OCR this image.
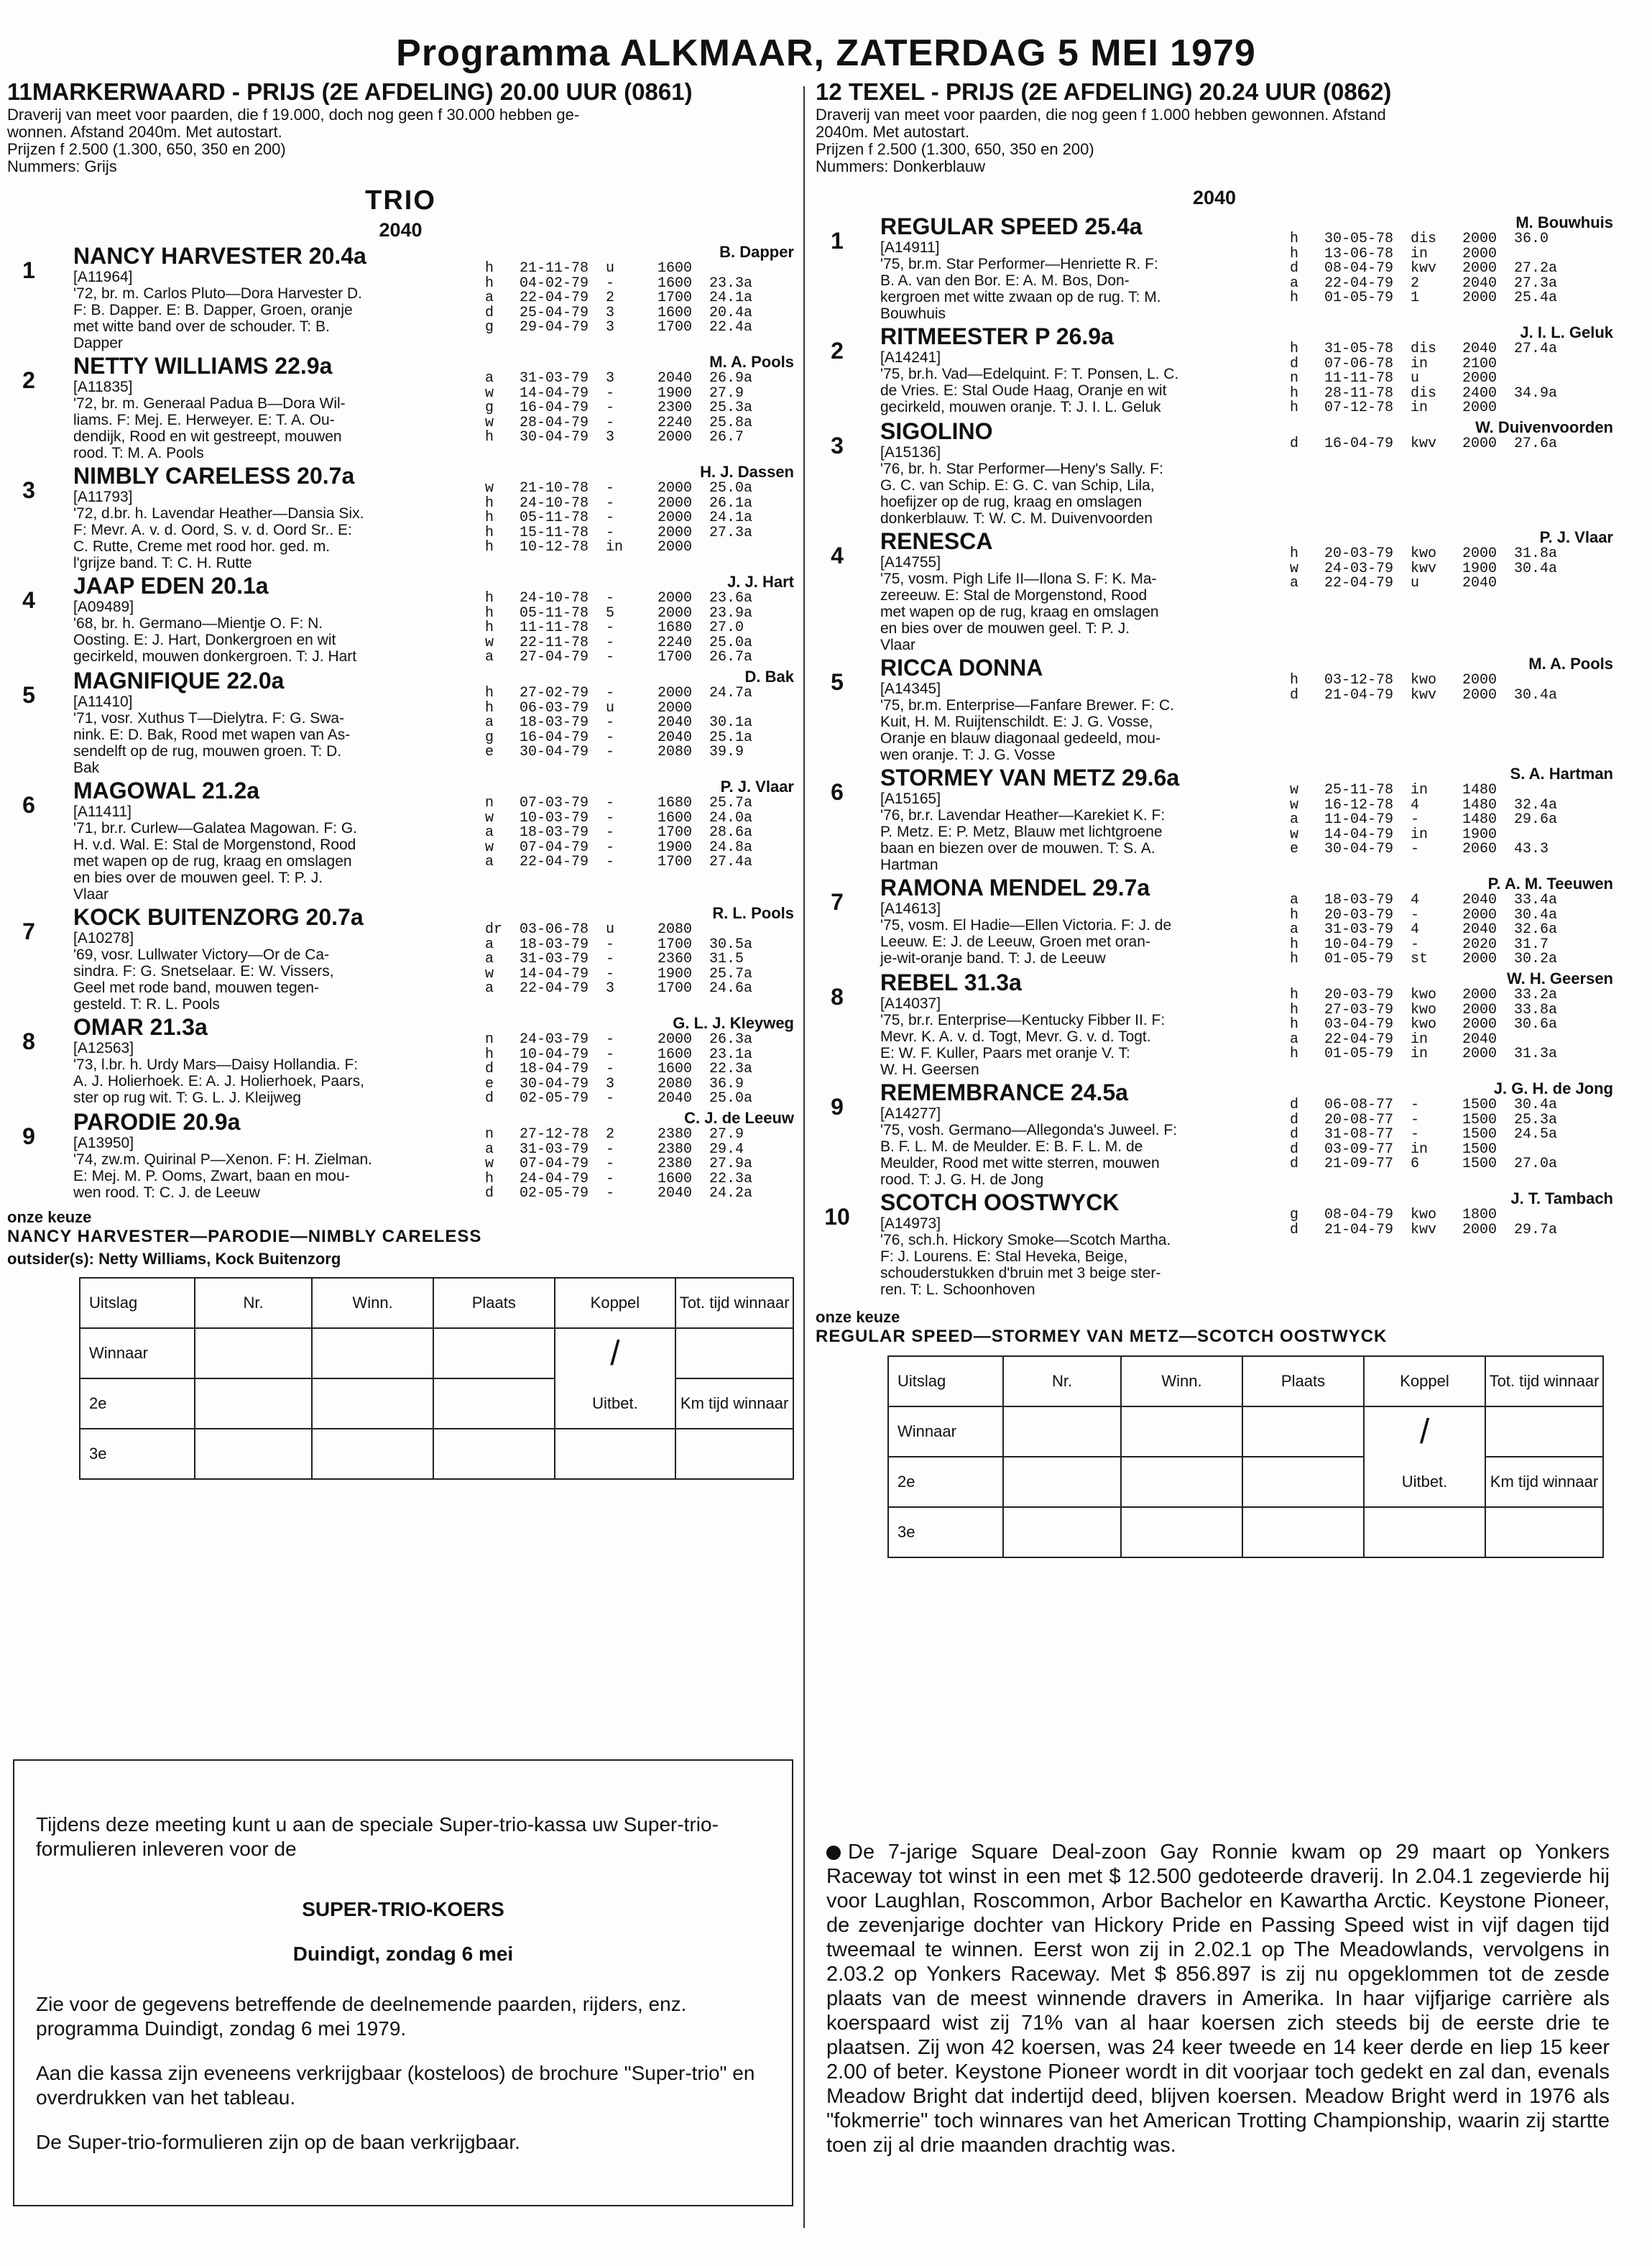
Programma ALKMAAR, ZATERDAG 5 MEI 1979
11MARKERWAARD - PRIJS (2E AFDELING) 20.00 UUR (0861)
Draverij van meet voor paarden, die f 19.000, doch nog geen f 30.000 hebben ge-
wonnen. Afstand 2040m. Met autostart.
Prijzen f 2.500 (1.300, 650, 350 en 200)
Nummers: Grijs
TRIO
2040
1
NANCY HARVESTER 20.4a
[A11964]
'72, br. m. Carlos Pluto—Dora Harvester D.
F: B. Dapper. E: B. Dapper, Groen, oranje
met witte band over de schouder. T: B.
Dapper
B. Dapper
h   21-11-78  u     1600
h   04-02-79  -     1600  23.3a
a   22-04-79  2     1700  24.1a
d   25-04-79  3     1600  20.4a
g   29-04-79  3     1700  22.4a
2
NETTY WILLIAMS 22.9a
[A11835]
'72, br. m. Generaal Padua B—Dora Wil-
liams. F: Mej. E. Herweyer. E: T. A. Ou-
dendijk, Rood en wit gestreept, mouwen
rood. T: M. A. Pools
M. A. Pools
a   31-03-79  3     2040  26.9a
w   14-04-79  -     1900  27.9
g   16-04-79  -     2300  25.3a
w   28-04-79  -     2240  25.8a
h   30-04-79  3     2000  26.7
3
NIMBLY CARELESS 20.7a
[A11793]
'72, d.br. h. Lavendar Heather—Dansia Six.
F: Mevr. A. v. d. Oord, S. v. d. Oord Sr.. E:
C. Rutte, Creme met rood hor. ged. m.
l'grijze band. T: C. H. Rutte
H. J. Dassen
w   21-10-78  -     2000  25.0a
h   24-10-78  -     2000  26.1a
h   05-11-78  -     2000  24.1a
h   15-11-78  -     2000  27.3a
h   10-12-78  in    2000
4
JAAP EDEN 20.1a
[A09489]
'68, br. h. Germano—Mientje O. F: N.
Oosting. E: J. Hart, Donkergroen en wit
gecirkeld, mouwen donkergroen. T: J. Hart
J. J. Hart
h   24-10-78  -     2000  23.6a
h   05-11-78  5     2000  23.9a
h   11-11-78  -     1680  27.0
w   22-11-78  -     2240  25.0a
a   27-04-79  -     1700  26.7a
5
MAGNIFIQUE 22.0a
[A11410]
'71, vosr. Xuthus T—Dielytra. F: G. Swa-
nink. E: D. Bak, Rood met wapen van As-
sendelft op de rug, mouwen groen. T: D.
Bak
D. Bak
h   27-02-79  -     2000  24.7a
h   06-03-79  u     2000
a   18-03-79  -     2040  30.1a
g   16-04-79  -     2040  25.1a
e   30-04-79  -     2080  39.9
6
MAGOWAL 21.2a
[A11411]
'71, br.r. Curlew—Galatea Magowan. F: G.
H. v.d. Wal. E: Stal de Morgenstond, Rood
met wapen op de rug, kraag en omslagen
en bies over de mouwen geel. T: P. J.
Vlaar
P. J. Vlaar
n   07-03-79  -     1680  25.7a
w   10-03-79  -     1600  24.0a
a   18-03-79  -     1700  28.6a
w   07-04-79  -     1900  24.8a
a   22-04-79  -     1700  27.4a
7
KOCK BUITENZORG 20.7a
[A10278]
'69, vosr. Lullwater Victory—Or de Ca-
sindra. F: G. Snetselaar. E: W. Vissers,
Geel met rode band, mouwen tegen-
gesteld. T: R. L. Pools
R. L. Pools
dr  03-06-78  u     2080
a   18-03-79  -     1700  30.5a
a   31-03-79  -     2360  31.5
w   14-04-79  -     1900  25.7a
a   22-04-79  3     1700  24.6a
8
OMAR 21.3a
[A12563]
'73, l.br. h. Urdy Mars—Daisy Hollandia. F:
A. J. Holierhoek. E: A. J. Holierhoek, Paars,
ster op rug wit. T: G. L. J. Kleijweg
G. L. J. Kleyweg
n   24-03-79  -     2000  26.3a
h   10-04-79  -     1600  23.1a
d   18-04-79  -     1600  22.3a
e   30-04-79  3     2080  36.9
d   02-05-79  -     2040  25.0a
9
PARODIE 20.9a
[A13950]
'74, zw.m. Quirinal P—Xenon. F: H. Zielman.
E: Mej. M. P. Ooms, Zwart, baan en mou-
wen rood. T: C. J. de Leeuw
C. J. de Leeuw
n   27-12-78  2     2380  27.9
a   31-03-79  -     2380  29.4
w   07-04-79  -     2380  27.9a
h   24-04-79  -     1600  22.3a
d   02-05-79  -     2040  24.2a
onze keuze
NANCY HARVESTER—PARODIE—NIMBLY CARELESS
outsider(s): Netty Williams, Kock Buitenzorg
Uitslag	Nr.	Winn.	Plaats	Koppel	Tot. tijd winnaar
Winnaar				/	
2e				Uitbet.	Km tijd winnaar
3e					
12 TEXEL - PRIJS (2E AFDELING) 20.24 UUR (0862)
Draverij van meet voor paarden, die nog geen f 1.000 hebben gewonnen. Afstand
2040m. Met autostart.
Prijzen f 2.500 (1.300, 650, 350 en 200)
Nummers: Donkerblauw
2040
1
REGULAR SPEED 25.4a
[A14911]
'75, br.m. Star Performer—Henriette R. F:
B. A. van den Bor. E: A. M. Bos, Don-
kergroen met witte zwaan op de rug. T: M.
Bouwhuis
M. Bouwhuis
h   30-05-78  dis   2000  36.0
h   13-06-78  in    2000
d   08-04-79  kwv   2000  27.2a
a   22-04-79  2     2040  27.3a
h   01-05-79  1     2000  25.4a
2
RITMEESTER P 26.9a
[A14241]
'75, br.h. Vad—Edelquint. F: T. Ponsen, L. C.
de Vries. E: Stal Oude Haag, Oranje en wit
gecirkeld, mouwen oranje. T: J. I. L. Geluk
J. I. L. Geluk
h   31-05-78  dis   2040  27.4a
d   07-06-78  in    2100
n   11-11-78  u     2000
h   28-11-78  dis   2400  34.9a
h   07-12-78  in    2000
3
SIGOLINO
[A15136]
'76, br. h. Star Performer—Heny's Sally. F:
G. C. van Schip. E: G. C. van Schip, Lila,
hoefijzer op de rug, kraag en omslagen
donkerblauw. T: W. C. M. Duivenvoorden
W. Duivenvoorden
d   16-04-79  kwv   2000  27.6a
4
RENESCA
[A14755]
'75, vosm. Pigh Life II—Ilona S. F: K. Ma-
zereeuw. E: Stal de Morgenstond, Rood
met wapen op de rug, kraag en omslagen
en bies over de mouwen geel. T: P. J.
Vlaar
P. J. Vlaar
h   20-03-79  kwo   2000  31.8a
w   24-03-79  kwv   1900  30.4a
a   22-04-79  u     2040
5
RICCA DONNA
[A14345]
'75, br.m. Enterprise—Fanfare Brewer. F: C.
Kuit, H. M. Ruijtenschildt. E: J. G. Vosse,
Oranje en blauw diagonaal gedeeld, mou-
wen oranje. T: J. G. Vosse
M. A. Pools
h   03-12-78  kwo   2000
d   21-04-79  kwv   2000  30.4a
6
STORMEY VAN METZ 29.6a
[A15165]
'76, br.r. Lavendar Heather—Karekiet K. F:
P. Metz. E: P. Metz, Blauw met lichtgroene
baan en biezen over de mouwen. T: S. A.
Hartman
S. A. Hartman
w   25-11-78  in    1480
w   16-12-78  4     1480  32.4a
a   11-04-79  -     1480  29.6a
w   14-04-79  in    1900
e   30-04-79  -     2060  43.3
7
RAMONA MENDEL 29.7a
[A14613]
'75, vosm. El Hadie—Ellen Victoria. F: J. de
Leeuw. E: J. de Leeuw, Groen met oran-
je-wit-oranje band. T: J. de Leeuw
P. A. M. Teeuwen
a   18-03-79  4     2040  33.4a
h   20-03-79  -     2000  30.4a
a   31-03-79  4     2040  32.6a
h   10-04-79  -     2020  31.7
h   01-05-79  st    2000  30.2a
8
REBEL 31.3a
[A14037]
'75, br.r. Enterprise—Kentucky Fibber II. F:
Mevr. K. A. v. d. Togt, Mevr. G. v. d. Togt.
E: W. F. Kuller, Paars met oranje V. T:
W. H. Geersen
W. H. Geersen
h   20-03-79  kwo   2000  33.2a
h   27-03-79  kwo   2000  33.8a
h   03-04-79  kwo   2000  30.6a
a   22-04-79  in    2040
h   01-05-79  in    2000  31.3a
9
REMEMBRANCE 24.5a
[A14277]
'75, vosh. Germano—Allegonda's Juweel. F:
B. F. L. M. de Meulder. E: B. F. L. M. de
Meulder, Rood met witte sterren, mouwen
rood. T: J. G. H. de Jong
J. G. H. de Jong
d   06-08-77  -     1500  30.4a
d   20-08-77  -     1500  25.3a
d   31-08-77  -     1500  24.5a
d   03-09-77  in    1500
d   21-09-77  6     1500  27.0a
10
SCOTCH OOSTWYCK
[A14973]
'76, sch.h. Hickory Smoke—Scotch Martha.
F: J. Lourens. E: Stal Heveka, Beige,
schouderstukken d'bruin met 3 beige ster-
ren. T: L. Schoonhoven
J. T. Tambach
g   08-04-79  kwo   1800
d   21-04-79  kwv   2000  29.7a
onze keuze
REGULAR SPEED—STORMEY VAN METZ—SCOTCH OOSTWYCK
Uitslag	Nr.	Winn.	Plaats	Koppel	Tot. tijd winnaar
Winnaar				/	
2e				Uitbet.	Km tijd winnaar
3e					

Tijdens deze meeting kunt u aan de speciale Super-trio-kassa uw Super-trio-formulieren inleveren voor de

SUPER-TRIO-KOERS

Duindigt, zondag 6 mei

Zie voor de gegevens betreffende de deelnemende paarden, rijders, enz. programma Duindigt, zondag 6 mei 1979.

Aan die kassa zijn eveneens verkrijgbaar (kosteloos) de brochure "Super-trio" en overdrukken van het tableau.

De Super-trio-formulieren zijn op de baan verkrijgbaar.

De 7-jarige Square Deal-zoon Gay Ronnie kwam op 29 maart op Yonkers Raceway tot winst in een met $ 12.500 gedoteerde draverij. In 2.04.1 zegevierde hij voor Laughlan, Roscommon, Arbor Bachelor en Kawartha Arctic. Keystone Pioneer, de zevenjarige dochter van Hickory Pride en Passing Speed wist in vijf dagen tijd tweemaal te winnen. Eerst won zij in 2.02.1 op The Meadowlands, vervolgens in 2.03.2 op Yonkers Raceway. Met $ 856.897 is zij nu opgeklommen tot de zesde plaats van de meest winnende dravers in Amerika. In haar vijfjarige carrière als koerspaard wist zij 71% van al haar koersen zich steeds bij de eerste drie te plaatsen. Zij won 42 koersen, was 24 keer tweede en 14 keer derde en liep 15 keer 2.00 of beter. Keystone Pioneer wordt in dit voorjaar toch gedekt en zal dan, evenals Meadow Bright dat indertijd deed, blijven koersen. Meadow Bright werd in 1976 als "fokmerrie" toch winnares van het American Trotting Championship, waarin zij startte toen zij al drie maanden drachtig was.
